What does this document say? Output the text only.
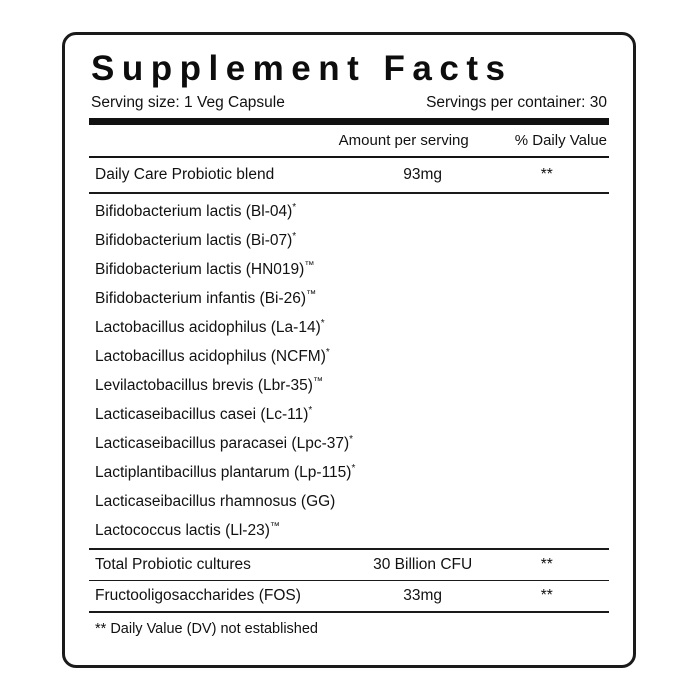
Supplement Facts
Serving size: 1 Veg Capsule	Servings per container: 30
Amount per serving	% Daily Value
Daily Care Probiotic blend	93mg	**
Bifidobacterium lactis (Bl-04)*
Bifidobacterium lactis (Bi-07)*
Bifidobacterium lactis (HN019)™
Bifidobacterium infantis (Bi-26)™
Lactobacillus acidophilus (La-14)*
Lactobacillus acidophilus (NCFM)*
Levilactobacillus brevis (Lbr-35)™
Lacticaseibacillus casei (Lc-11)*
Lacticaseibacillus paracasei (Lpc-37)*
Lactiplantibacillus plantarum (Lp-115)*
Lacticaseibacillus rhamnosus (GG)
Lactococcus lactis (Ll-23)™
Total Probiotic cultures	30 Billion CFU	**
Fructooligosaccharides (FOS)	33mg	**
** Daily Value (DV) not established
